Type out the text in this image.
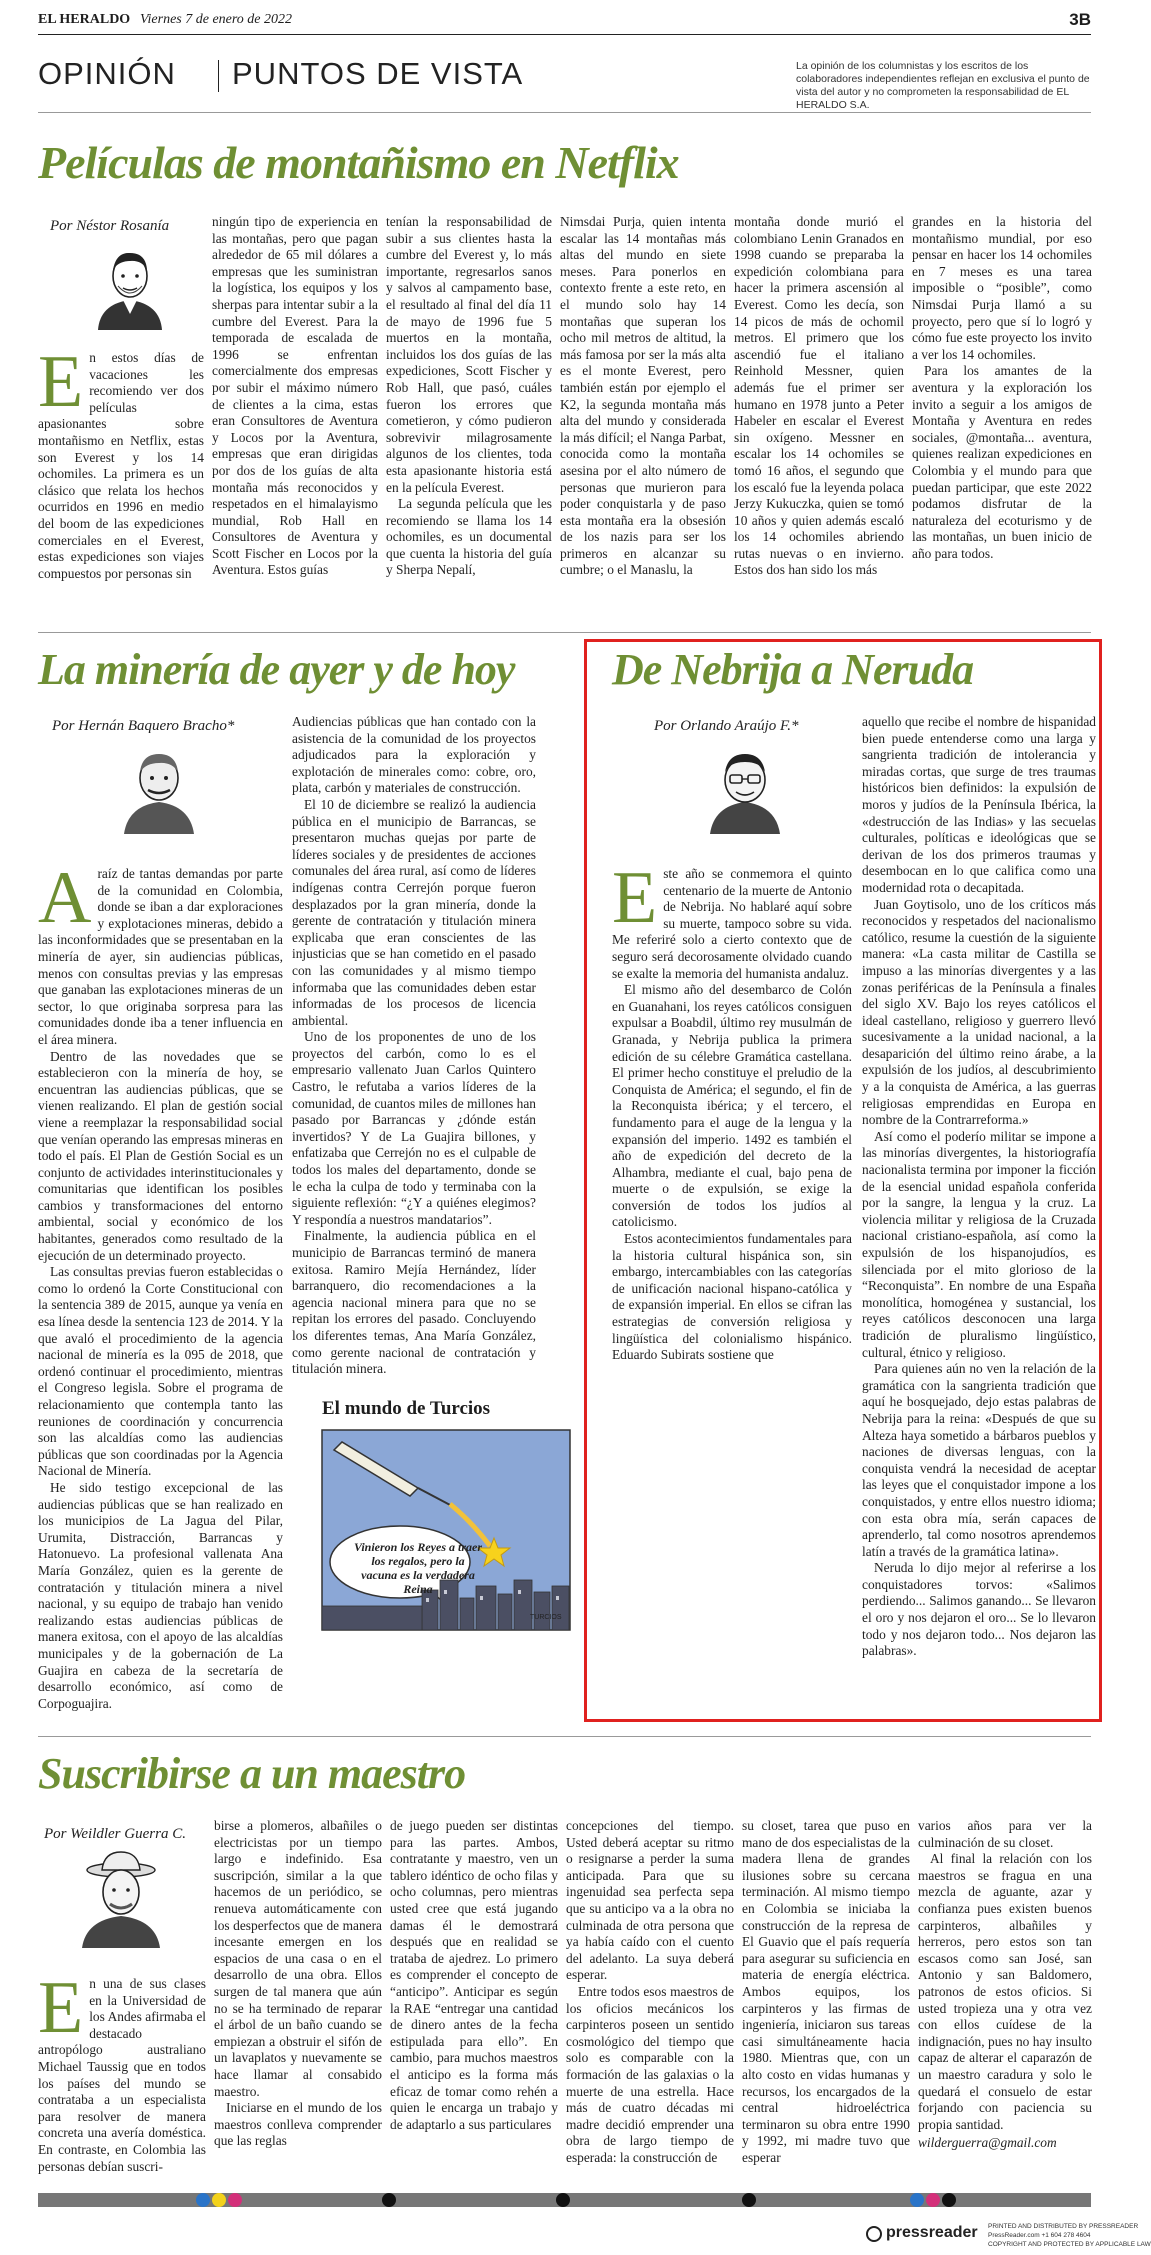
EL HERALDO Viernes 7 de enero de 2022	3B
OPINIÓN PUNTOS DE VISTA	La opinión de los columnistas y los escritos de los colaboradores independientes reflejan en exclusiva el punto de vista del autor y no comprometen la responsabilidad de EL HERALDO S.A.
Películas de montañismo en Netflix
Por Néstor Rosanía
E n estos días de vacaciones les recomiendo ver dos películas apasionantes sobre montañismo en Netflix, estas son Everest y los 14 ochomiles. La primera es un clásico que relata los hechos ocurridos en 1996 en medio del boom de las expediciones comerciales en el Everest, estas expediciones son viajes compuestos por personas sin
ningún tipo de experiencia en las montañas, pero que pagan alrededor de 65 mil dólares a empresas que les suministran la logística, los equipos y los sherpas para intentar subir a la cumbre del Everest. Para la temporada de escalada de 1996 se enfrentan comercialmente dos empresas por subir el máximo número de clientes a la cima, estas eran Consultores de Aventura y Locos por la Aventura, empresas que eran dirigidas por dos de los guías de alta montaña más reconocidos y respetados en el himalayismo mundial, Rob Hall en Consultores de Aventura y Scott Fischer en Locos por la Aventura. Estos guías

tenían la responsabilidad de subir a sus clientes hasta la cumbre del Everest y, lo más importante, regresarlos sanos y salvos al campamento base, el resultado al final del día 11 de mayo de 1996 fue 5 muertos en la montaña, incluidos los dos guías de las expediciones, Scott Fischer y Rob Hall, que pasó, cuáles fueron los errores que cometieron, y cómo pudieron sobrevivir milagrosamente algunos de los clientes, toda esta apasionante historia está en la película Everest.

La segunda película que les recomiendo se llama los 14 ochomiles, es un documental que cuenta la historia del guía y Sherpa Nepalí,

Nimsdai Purja, quien intenta escalar las 14 montañas más altas del mundo en siete meses. Para ponerlos en contexto frente a este reto, en el mundo solo hay 14 montañas que superan los ocho mil metros de altitud, la más famosa por ser la más alta es el monte Everest, pero también están por ejemplo el K2, la segunda montaña más alta del mundo y considerada la más difícil; el Nanga Parbat, conocida como la montaña asesina por el alto número de personas que murieron para poder conquistarla y de paso esta montaña era la obsesión de los nazis para ser los primeros en alcanzar su cumbre; o el Manaslu, la
montaña donde murió el colombiano Lenin Granados en 1998 cuando se preparaba la expedición colombiana para hacer la primera ascensión al Everest. Como les decía, son 14 picos de más de ochomil metros. El primero que los ascendió fue el italiano Reinhold Messner, quien además fue el primer ser humano en 1978 junto a Peter Habeler en escalar el Everest sin oxígeno. Messner en escalar los 14 ochomiles se tomó 16 años, el segundo que los escaló fue la leyenda polaca Jerzy Kukuczka, quien se tomó 10 años y quien además escaló los 14 ochomiles abriendo rutas nuevas o en invierno. Estos dos han sido los más

grandes en la historia del montañismo mundial, por eso pensar en hacer los 14 ochomiles en 7 meses es una tarea imposible o “posible”, como Nimsdai Purja llamó a su proyecto, pero que sí lo logró y cómo fue este proyecto los invito a ver los 14 ochomiles.

Para los amantes de la aventura y la exploración los invito a seguir a los amigos de Montaña y Aventura en redes sociales, @montaña... aventura, quienes realizan expediciones en Colombia y el mundo para que puedan participar, que este 2022 podamos disfrutar de la naturaleza del ecoturismo y de las montañas, un buen inicio de año para todos.

La minería de ayer y de hoy
Por Hernán Baquero Bracho*

Araíz de tantas demandas por parte de la comunidad en Colombia, donde se iban a dar exploraciones y explotaciones mineras, debido a las inconformidades que se presentaban en la minería de ayer, sin audiencias públicas, menos con consultas previas y las empresas que ganaban las explotaciones mineras de un sector, lo que originaba sorpresa para las comunidades donde iba a tener influencia en el área minera.

Dentro de las novedades que se establecieron con la minería de hoy, se encuentran las audiencias públicas, que se vienen realizando. El plan de gestión social viene a reemplazar la responsabilidad social que venían operando las empresas mineras en todo el país. El Plan de Gestión Social es un conjunto de actividades interinstitucionales y comunitarias que identifican los posibles cambios y transformaciones del entorno ambiental, social y económico de los habitantes, generados como resultado de la ejecución de un determinado proyecto.

Las consultas previas fueron establecidas o como lo ordenó la Corte Constitucional con la sentencia 389 de 2015, aunque ya venía en esa línea desde la sentencia 123 de 2014. Y la que avaló el procedimiento de la agencia nacional de minería es la 095 de 2018, que ordenó continuar el procedimiento, mientras el Congreso legisla. Sobre el programa de relacionamiento que contempla tanto las reuniones de coordinación y concurrencia son las alcaldías como las audiencias públicas que son coordinadas por la Agencia Nacional de Minería.

He sido testigo excepcional de las audiencias públicas que se han realizado en los municipios de La Jagua del Pilar, Urumita, Distracción, Barrancas y Hatonuevo. La profesional vallenata Ana María González, quien es la gerente de contratación y titulación minera a nivel nacional, y su equipo de trabajo han venido realizando estas audiencias públicas de manera exitosa, con el apoyo de las alcaldías municipales y de la gobernación de La Guajira en cabeza de la secretaría de desarrollo económico, así como de Corpoguajira.

Audiencias públicas que han contado con la asistencia de la comunidad de los proyectos adjudicados para la exploración y explotación de minerales como: cobre, oro, plata, carbón y materiales de construcción.

El 10 de diciembre se realizó la audiencia pública en el municipio de Barrancas, se presentaron muchas quejas por parte de líderes sociales y de presidentes de acciones comunales del área rural, así como de líderes indígenas contra Cerrejón porque fueron desplazados por la gran minería, donde la gerente de contratación y titulación minera explicaba que eran conscientes de las injusticias que se han cometido en el pasado con las comunidades y al mismo tiempo informaba que las comunidades deben estar informadas de los procesos de licencia ambiental.

Uno de los proponentes de uno de los proyectos del carbón, como lo es el empresario vallenato Juan Carlos Quintero Castro, le refutaba a varios líderes de la comunidad, de cuantos miles de millones han pasado por Barrancas y ¿dónde están invertidos? Y de La Guajira billones, y enfatizaba que Cerrejón no es el culpable de todos los males del departamento, donde se le echa la culpa de todo y terminaba con la siguiente reflexión: “¿Y a quiénes elegimos? Y respondía a nuestros mandatarios”.

Finalmente, la audiencia pública en el municipio de Barrancas terminó de manera exitosa. Ramiro Mejía Hernández, líder barranquero, dio recomendaciones a la agencia nacional minera para que no se repitan los errores del pasado. Concluyendo los diferentes temas, Ana María González, como gerente nacional de contratación y titulación minera.

El mundo de Turcios
Vinieron los Reyes a traer los regalos, pero la vacuna es la verdadera Reina
TURCIOS
De Nebrija a Neruda
Por Orlando Araújo F.*

Este año se conmemora el quinto centenario de la muerte de Antonio de Nebrija. No hablaré aquí sobre su muerte, tampoco sobre su vida. Me referiré solo a cierto contexto que de seguro será decorosamente olvidado cuando se exalte la memoria del humanista andaluz.

El mismo año del desembarco de Colón en Guanahani, los reyes católicos consiguen expulsar a Boabdil, último rey musulmán de Granada, y Nebrija publica la primera edición de su célebre Gramática castellana. El primer hecho constituye el preludio de la Conquista de América; el segundo, el fin de la Reconquista ibérica; y el tercero, el fundamento para el auge de la lengua y la expansión del imperio. 1492 es también el año de expedición del decreto de la Alhambra, mediante el cual, bajo pena de muerte o de expulsión, se exige la conversión de todos los judíos al catolicismo.

Estos acontecimientos fundamentales para la historia cultural hispánica son, sin embargo, intercambiables con las categorías de unificación nacional hispano-católica y de expansión imperial. En ellos se cifran las estrategias de conversión religiosa y lingüística del colonialismo hispánico. Eduardo Subirats sostiene que

aquello que recibe el nombre de hispanidad bien puede entenderse como una larga y sangrienta tradición de intolerancia y miradas cortas, que surge de tres traumas históricos bien definidos: la expulsión de moros y judíos de la Península Ibérica, la «destrucción de las Indias» y las secuelas culturales, políticas e ideológicas que se derivan de los dos primeros traumas y desembocan en lo que califica como una modernidad rota o decapitada.

Juan Goytisolo, uno de los críticos más reconocidos y respetados del nacionalismo católico, resume la cuestión de la siguiente manera: «La casta militar de Castilla se impuso a las minorías divergentes y a las zonas periféricas de la Península a finales del siglo XV. Bajo los reyes católicos el ideal castellano, religioso y guerrero llevó sucesivamente a la unidad nacional, a la desaparición del último reino árabe, a la expulsión de los judíos, al descubrimiento y a la conquista de América, a las guerras religiosas emprendidas en Europa en nombre de la Contrarreforma.»

Así como el poderío militar se impone a las minorías divergentes, la historiografía nacionalista termina por imponer la ficción de la esencial unidad española conferida por la sangre, la lengua y la cruz. La violencia militar y religiosa de la Cruzada nacional cristiano-española, así como la expulsión de los hispanojudíos, es silenciada por el mito glorioso de la “Reconquista”. En nombre de una España monolítica, homogénea y sustancial, los reyes católicos desconocen una larga tradición de pluralismo lingüístico, cultural, étnico y religioso.

Para quienes aún no ven la relación de la gramática con la sangrienta tradición que aquí he bosquejado, dejo estas palabras de Nebrija para la reina: «Después de que su Alteza haya sometido a bárbaros pueblos y naciones de diversas lenguas, con la conquista vendrá la necesidad de aceptar las leyes que el conquistador impone a los conquistados, y entre ellos nuestro idioma; con esta obra mía, serán capaces de aprenderlo, tal como nosotros aprendemos latín a través de la gramática latina».

Neruda lo dijo mejor al referirse a los conquistadores torvos: «Salimos perdiendo... Salimos ganando... Se llevaron el oro y nos dejaron el oro... Se lo llevaron todo y nos dejaron todo... Nos dejaron las palabras».

Suscribirse a un maestro
Por Weildler Guerra C.
E n una de sus clases en la Universidad de los Andes afirmaba el destacado antropólogo australiano Michael Taussig que en todos los países del mundo se contrataba a un especialista para resolver de manera concreta una avería doméstica. En contraste, en Colombia las personas debían suscri-

birse a plomeros, albañiles o electricistas por un tiempo largo e indefinido. Esa suscripción, similar a la que hacemos de un periódico, se renueva automáticamente con los desperfectos que de manera incesante emergen en los espacios de una casa o en el desarrollo de una obra. Ellos surgen de tal manera que aún no se ha terminado de reparar el árbol de un baño cuando se empiezan a obstruir el sifón de un lavaplatos y nuevamente se hace llamar al consabido maestro.

Iniciarse en el mundo de los maestros conlleva comprender que las reglas

de juego pueden ser distintas para las partes. Ambos, contratante y maestro, ven un tablero idéntico de ocho filas y ocho columnas, pero mientras usted cree que está jugando damas él le demostrará después que en realidad se trataba de ajedrez. Lo primero es comprender el concepto de “anticipo”. Anticipar es según la RAE “entregar una cantidad de dinero antes de la fecha estipulada para ello”. En cambio, para muchos maestros el anticipo es la forma más eficaz de tomar como rehén a quien le encarga un trabajo y de adaptarlo a sus particulares

concepciones del tiempo. Usted deberá aceptar su ritmo o resignarse a perder la suma anticipada. Para que su ingenuidad sea perfecta sepa que su anticipo va a la obra no culminada de otra persona que ya había caído con el cuento del adelanto. La suya deberá esperar.

Entre todos esos maestros de los oficios mecánicos los carpinteros poseen un sentido cosmológico del tiempo que solo es comparable con la formación de las galaxias o la muerte de una estrella. Hace más de cuatro décadas mi madre decidió emprender una obra de largo tiempo de esperada: la construcción de

su closet, tarea que puso en mano de dos especialistas de la madera llena de grandes ilusiones sobre su cercana terminación. Al mismo tiempo en Colombia se iniciaba la construcción de la represa de El Guavio que el país requería para asegurar su suficiencia en materia de energía eléctrica. Ambos equipos, los carpinteros y las firmas de ingeniería, iniciaron sus tareas casi simultáneamente hacia 1980. Mientras que, con un alto costo en vidas humanas y recursos, los encargados de la central hidroeléctrica terminaron su obra entre 1990 y 1992, mi madre tuvo que esperar

varios años para ver la culminación de su closet.

Al final la relación con los maestros se fragua en una mezcla de aguante, azar y confianza pues existen buenos carpinteros, albañiles y herreros, pero estos son tan escasos como san José, san Antonio y san Baldomero, patronos de estos oficios. Si usted tropieza una y otra vez con ellos cuídese de la indignación, pues no hay insulto capaz de alterar el caparazón de un maestro caradura y solo le quedará el consuelo de estar forjando con paciencia su propia santidad.

wilderguerra@gmail.com

pressreader PRINTED AND DISTRIBUTED BY PRESSREADER
PressReader.com +1 604 278 4604
COPYRIGHT AND PROTECTED BY APPLICABLE LAW
